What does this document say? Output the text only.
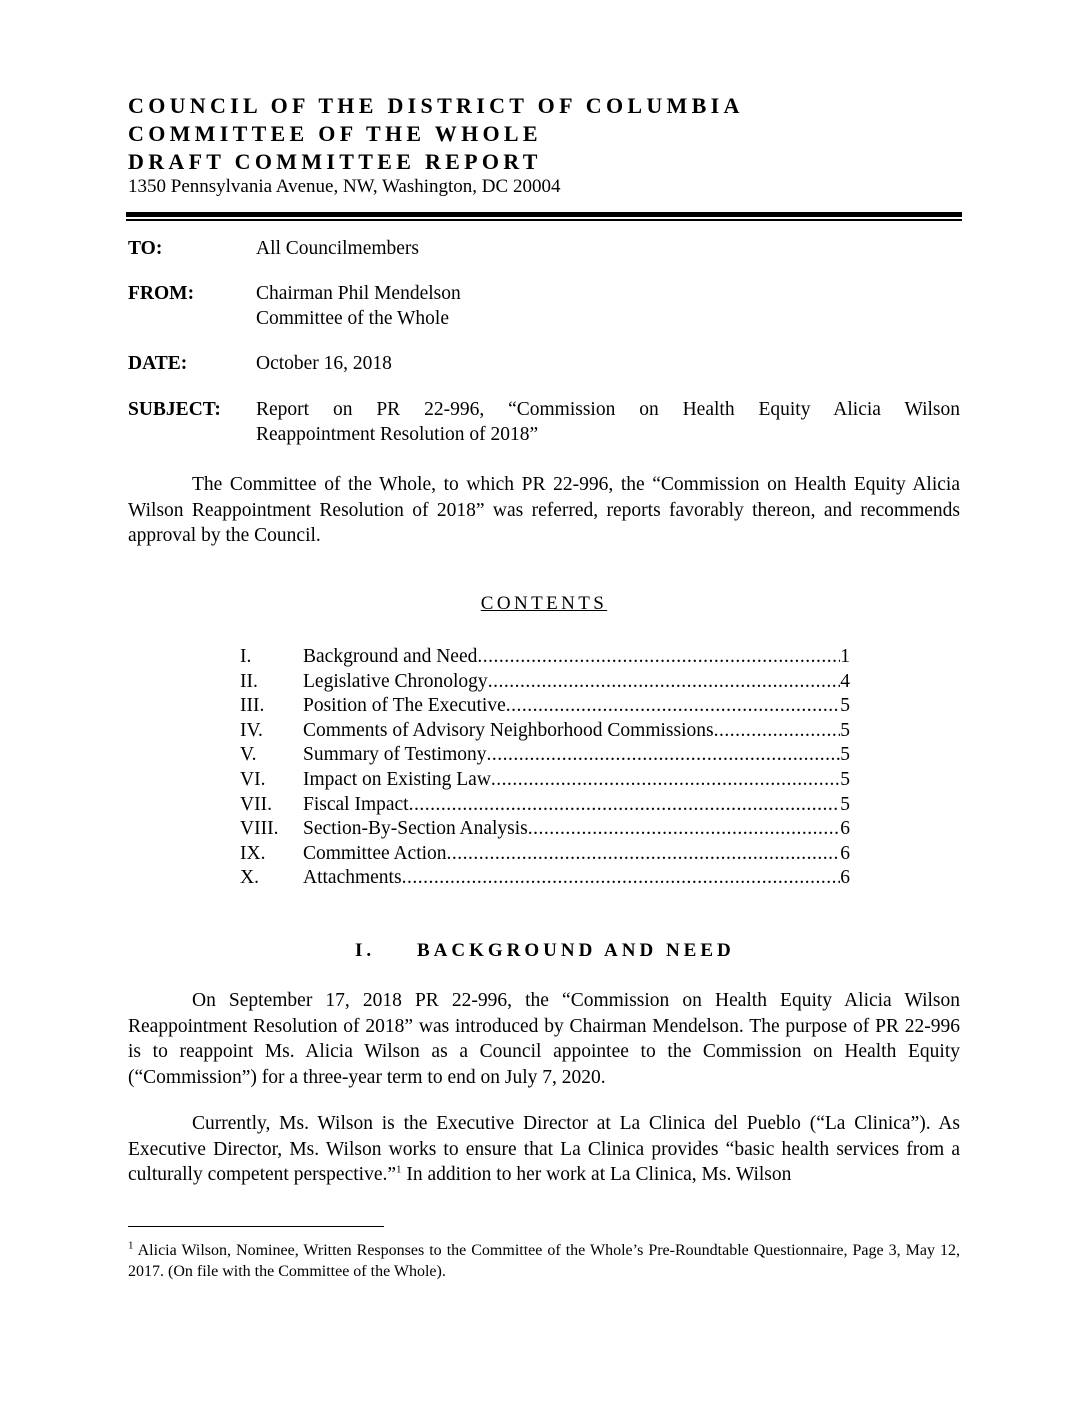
COUNCIL OF THE DISTRICT OF COLUMBIA
COMMITTEE OF THE WHOLE
DRAFT COMMITTEE REPORT
1350 Pennsylvania Avenue, NW, Washington, DC 20004
TO:	All Councilmembers
FROM:	Chairman Phil Mendelson
Committee of the Whole
DATE:	October 16, 2018
SUBJECT: Report on PR 22-996, “Commission on Health Equity Alicia Wilson
Reappointment Resolution of 2018”
The Committee of the Whole, to which PR 22-996, the “Commission on Health Equity Alicia Wilson Reappointment Resolution of 2018” was referred, reports favorably thereon, and recommends approval by the Council.
CONTENTS
I.	Background and Need .....	1
II. Legislative Chronology .....	4
III. Position of The Executive .....	5
IV. Comments of Advisory Neighborhood Commissions .....	5
V. Summary of Testimony .....	5
VI. Impact on Existing Law .....	5
VII. Fiscal Impact .....	5
VIII. Section-By-Section Analysis .....	6
IX. Committee Action .....	6
X. Attachments .....	6
I. BACKGROUND AND NEED
On September 17, 2018 PR 22-996, the “Commission on Health Equity Alicia Wilson Reappointment Resolution of 2018” was introduced by Chairman Mendelson. The purpose of PR 22-996 is to reappoint Ms. Alicia Wilson as a Council appointee to the Commission on Health Equity (“Commission”) for a three-year term to end on July 7, 2020.
Currently, Ms. Wilson is the Executive Director at La Clinica del Pueblo (“La Clinica”). As Executive Director, Ms. Wilson works to ensure that La Clinica provides “basic health services from a culturally competent perspective.”$^1$ In addition to her work at La Clinica, Ms. Wilson
$^1$ Alicia Wilson, Nominee, Written Responses to the Committee of the Whole’s Pre-Roundtable Questionnaire, Page 3, May 12, 2017. (On file with the Committee of the Whole).
